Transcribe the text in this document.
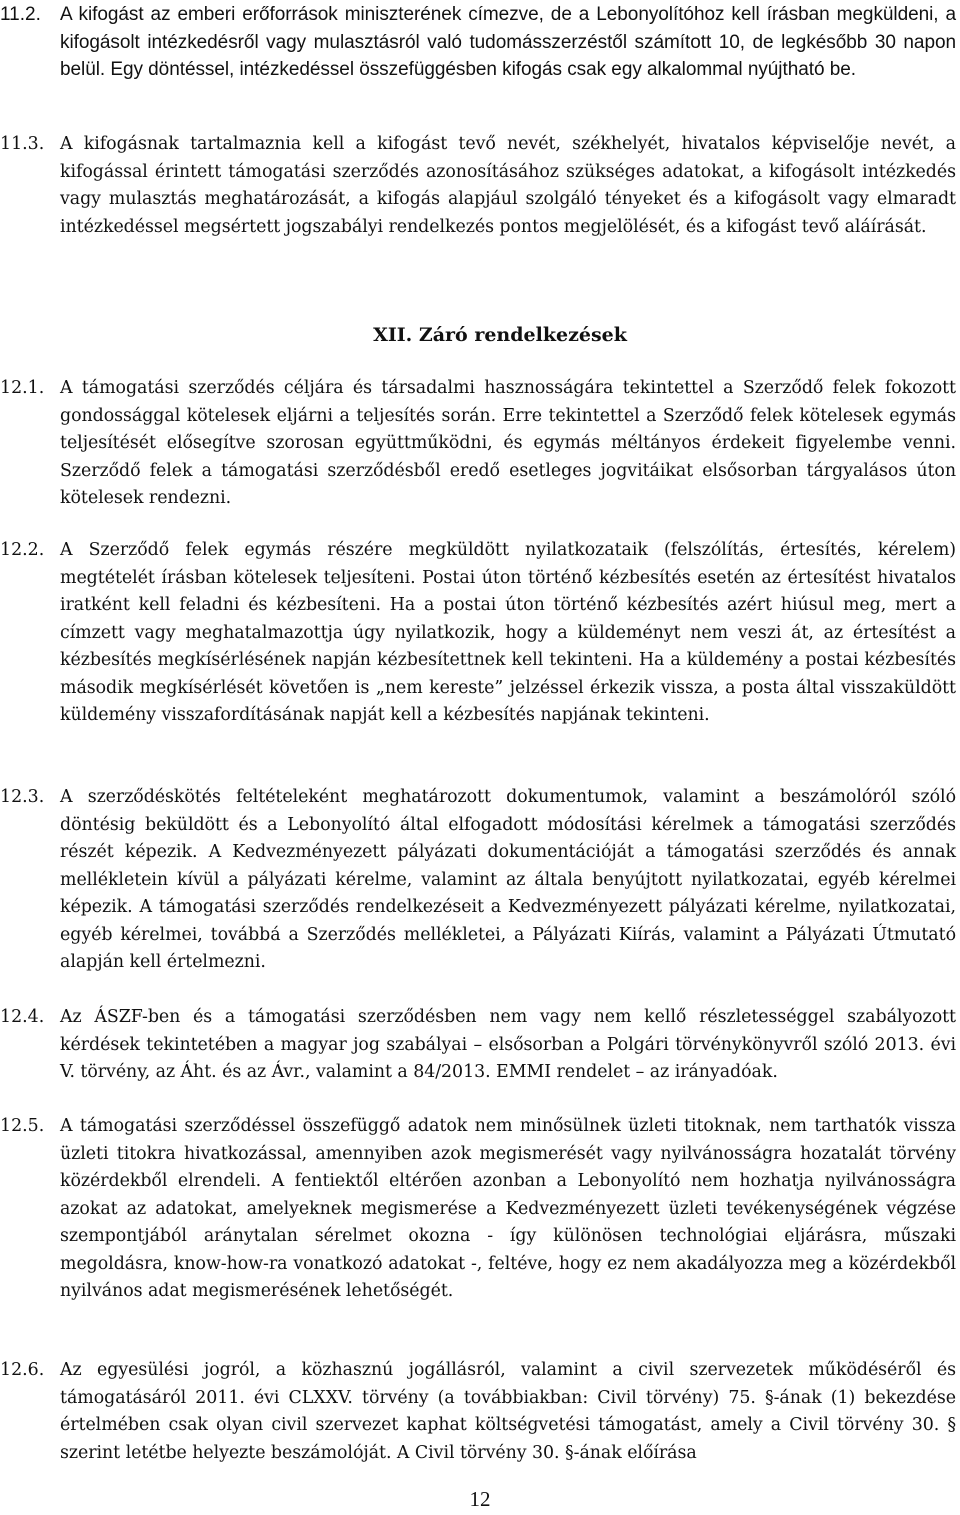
11.2.	A kifogást az emberi erőforrások miniszterének címezve, de a Lebonyolítóhoz kell írásban megküldeni, a kifogásolt intézkedésről vagy mulasztásról való tudomásszerzéstől számított 10, de legkésőbb 30 napon belül. Egy döntéssel, intézkedéssel összefüggésben kifogás csak egy alkalommal nyújtható be.
11.3. A kifogásnak tartalmaznia kell a kifogást tevő nevét, székhelyét, hivatalos képviselője nevét, a kifogással érintett támogatási szerződés azonosításához szükséges adatokat, a kifogásolt intézkedés vagy mulasztás meghatározását, a kifogás alapjául szolgáló tényeket és a kifogásolt vagy elmaradt intézkedéssel megsértett jogszabályi rendelkezés pontos megjelölését, és a kifogást tevő aláírását.
XII. Záró rendelkezések
12.1. A támogatási szerződés céljára és társadalmi hasznosságára tekintettel a Szerződő felek fokozott gondossággal kötelesek eljárni a teljesítés során. Erre tekintettel a Szerződő felek kötelesek egymás teljesítését elősegítve szorosan együttműködni, és egymás méltányos érdekeit figyelembe venni. Szerződő felek a támogatási szerződésből eredő esetleges jogvitáikat elsősorban tárgyalásos úton kötelesek rendezni.
12.2. A Szerződő felek egymás részére megküldött nyilatkozataik (felszólítás, értesítés, kérelem) megtételét írásban kötelesek teljesíteni. Postai úton történő kézbesítés esetén az értesítést hivatalos iratként kell feladni és kézbesíteni. Ha a postai úton történő kézbesítés azért hiúsul meg, mert a címzett vagy meghatalmazottja úgy nyilatkozik, hogy a küldeményt nem veszi át, az értesítést a kézbesítés megkísérlésének napján kézbesítettnek kell tekinteni. Ha a küldemény a postai kézbesítés második megkísérlését követően is „nem kereste” jelzéssel érkezik vissza, a posta által visszaküldött küldemény visszafordításának napját kell a kézbesítés napjának tekinteni.
12.3. A szerződéskötés feltételeként meghatározott dokumentumok, valamint a beszámolóról szóló döntésig beküldött és a Lebonyolító által elfogadott módosítási kérelmek a támogatási szerződés részét képezik. A Kedvezményezett pályázati dokumentációját a támogatási szerződés és annak mellékletein kívül a pályázati kérelme, valamint az általa benyújtott nyilatkozatai, egyéb kérelmei képezik. A támogatási szerződés rendelkezéseit a Kedvezményezett pályázati kérelme, nyilatkozatai, egyéb kérelmei, továbbá a Szerződés mellékletei, a Pályázati Kiírás, valamint a Pályázati Útmutató alapján kell értelmezni.
12.4. Az ÁSZF-ben és a támogatási szerződésben nem vagy nem kellő részletességgel szabályozott kérdések tekintetében a magyar jog szabályai – elsősorban a Polgári törvénykönyvről szóló 2013. évi V. törvény, az Áht. és az Ávr., valamint a 84/2013. EMMI rendelet – az irányadóak.
12.5. A támogatási szerződéssel összefüggő adatok nem minősülnek üzleti titoknak, nem tarthatók vissza üzleti titokra hivatkozással, amennyiben azok megismerését vagy nyilvánosságra hozatalát törvény közérdekből elrendeli. A fentiektől eltérően azonban a Lebonyolító nem hozhatja nyilvánosságra azokat az adatokat, amelyeknek megismerése a Kedvezményezett üzleti tevékenységének végzése szempontjából aránytalan sérelmet okozna - így különösen technológiai eljárásra, műszaki megoldásra, know-how-ra vonatkozó adatokat -, feltéve, hogy ez nem akadályozza meg a közérdekből nyilvános adat megismerésének lehetőségét.
12.6. Az egyesülési jogról, a közhasznú jogállásról, valamint a civil szervezetek működéséről és támogatásáról 2011. évi CLXXV. törvény (a továbbiakban: Civil törvény) 75. §-ának (1) bekezdése értelmében csak olyan civil szervezet kaphat költségvetési támogatást, amely a Civil törvény 30. § szerint letétbe helyezte beszámolóját. A Civil törvény 30. §-ának előírása
12
